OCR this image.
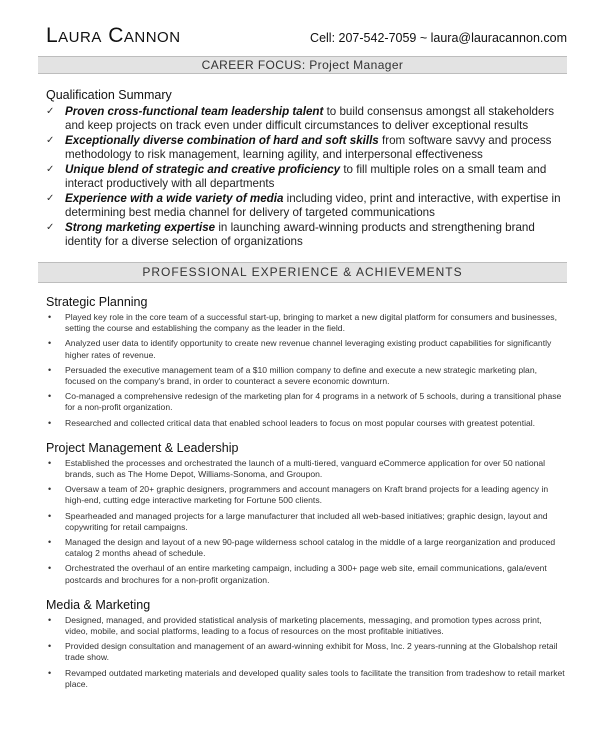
Laura Cannon	Cell: 207-542-7059 ~ laura@lauracannon.com
CAREER FOCUS: Project Manager
Qualification Summary
✓ Proven cross-functional team leadership talent to build consensus amongst all stakeholders and keep projects on track even under difficult circumstances to deliver exceptional results
✓ Exceptionally diverse combination of hard and soft skills from software savvy and process methodology to risk management, learning agility, and interpersonal effectiveness
✓ Unique blend of strategic and creative proficiency to fill multiple roles on a small team and interact productively with all departments
✓ Experience with a wide variety of media including video, print and interactive, with expertise in determining best media channel for delivery of targeted communications
✓ Strong marketing expertise in launching award-winning products and strengthening brand identity for a diverse selection of organizations
PROFESSIONAL EXPERIENCE & ACHIEVEMENTS
Strategic Planning
• Played key role in the core team of a successful start-up, bringing to market a new digital platform for consumers and businesses, setting the course and establishing the company as the leader in the field.
• Analyzed user data to identify opportunity to create new revenue channel leveraging existing product capabilities for significantly higher rates of revenue.
• Persuaded the executive management team of a $10 million company to define and execute a new strategic marketing plan, focused on the company's brand, in order to counteract a severe economic downturn.
• Co-managed a comprehensive redesign of the marketing plan for 4 programs in a network of 5 schools, during a transitional phase for a non-profit organization.
• Researched and collected critical data that enabled school leaders to focus on most popular courses with greatest potential.
Project Management & Leadership
• Established the processes and orchestrated the launch of a multi-tiered, vanguard eCommerce application for over 50 national brands, such as The Home Depot, Williams-Sonoma, and Groupon.
• Oversaw a team of 20+ graphic designers, programmers and account managers on Kraft brand projects for a leading agency in high-end, cutting edge interactive marketing for Fortune 500 clients.
• Spearheaded and managed projects for a large manufacturer that included all web-based initiatives; graphic design, layout and copywriting for retail campaigns.
• Managed the design and layout of a new 90-page wilderness school catalog in the middle of a large reorganization and produced catalog 2 months ahead of schedule.
• Orchestrated the overhaul of an entire marketing campaign, including a 300+ page web site, email communications, gala/event postcards and brochures for a non-profit organization.
Media & Marketing
• Designed, managed, and provided statistical analysis of marketing placements, messaging, and promotion types across print, video, mobile, and social platforms, leading to a focus of resources on the most profitable initiatives.
• Provided design consultation and management of an award-winning exhibit for Moss, Inc. 2 years-running at the Globalshop retail trade show.
• Revamped outdated marketing materials and developed quality sales tools to facilitate the transition from tradeshow to retail market place.
